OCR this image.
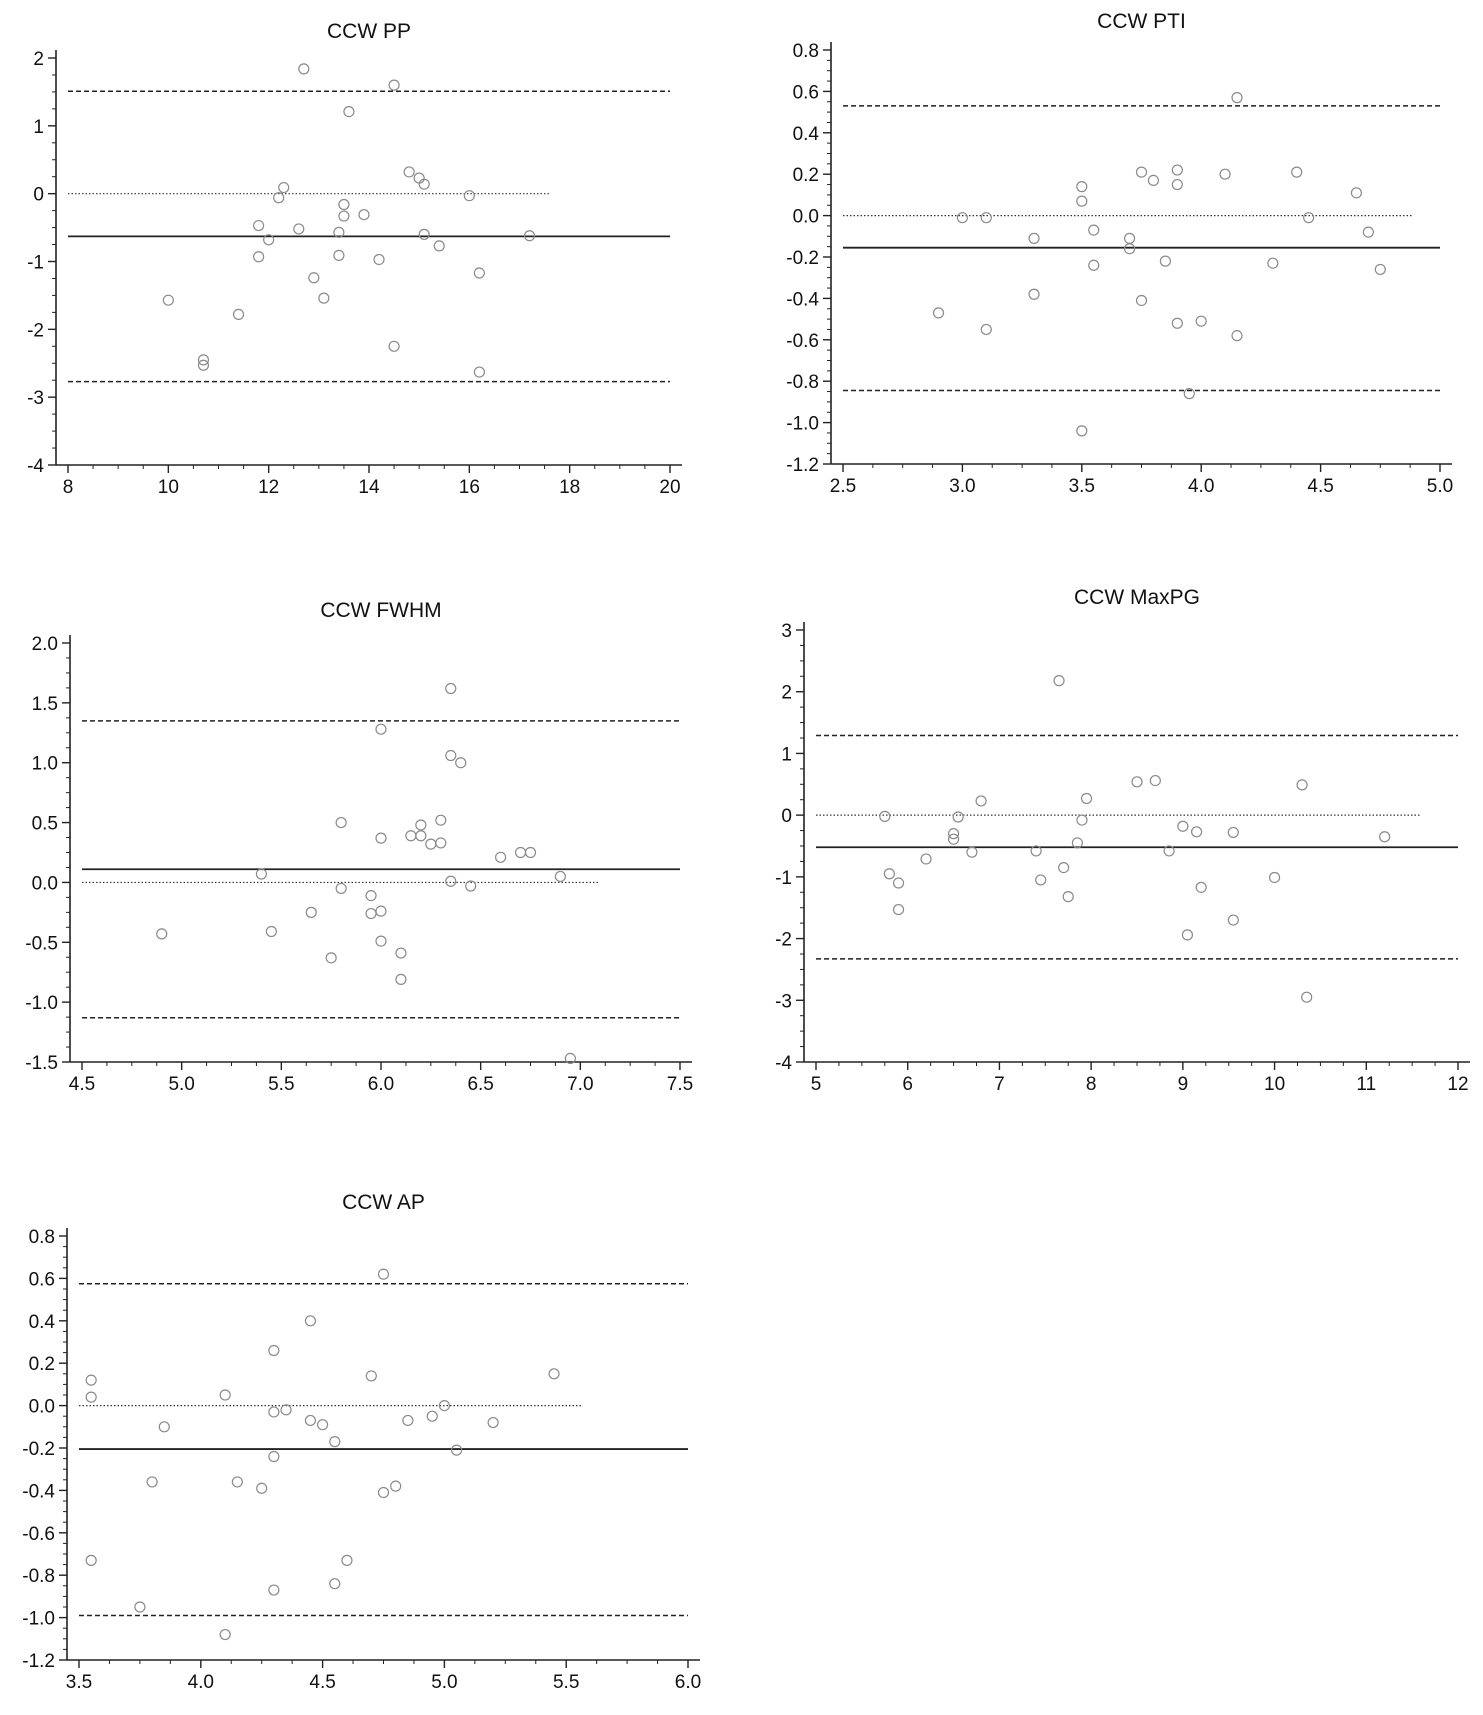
CCW PP
8	10	12	14	16	18	20
-4
-3
-2
-1
0
1
2
CCW PTI
2.5	3.0	3.5	4.0	4.5	5.0
-1.2
-1.0
-0.8
-0.6
-0.4
-0.2
0.0
0.2
0.4
0.6
0.8
CCW FWHM
4.5	5.0	5.5	6.0	6.5	7.0	7.5
-1.5
-1.0
-0.5
0.0
0.5
1.0
1.5
2.0
CCW MaxPG
5	6	7	8	9	10	11	12
-4
-3
-2
-1
0
1
2
3
CCW AP
3.5	4.0	4.5	5.0	5.5	6.0
-1.2
-1.0
-0.8
-0.6
-0.4
-0.2
0.0
0.2
0.4
0.6
0.8
